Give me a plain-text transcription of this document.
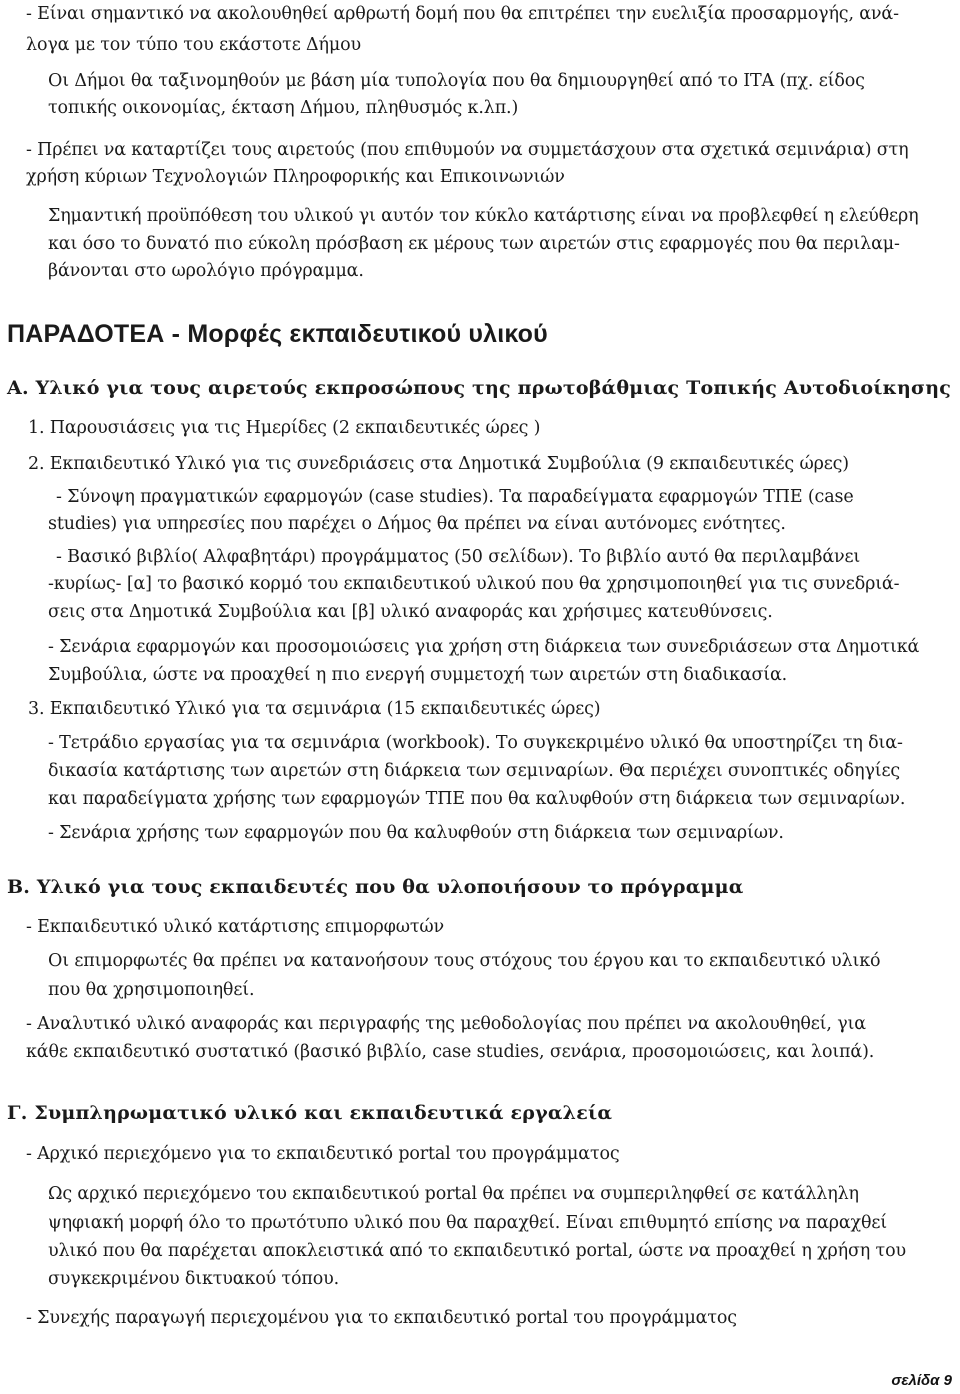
- Είναι σημαντικό να ακολουθηθεί αρθρωτή δομή που θα επιτρέπει την ευελιξία προσαρμογής, ανά-
λογα με τον τύπο του εκάστοτε Δήμου
Οι Δήμοι θα ταξινομηθούν με βάση μία τυπολογία που θα δημιουργηθεί από το ΙΤΑ (πχ. είδος
τοπικής οικονομίας, έκταση Δήμου, πληθυσμός κ.λπ.)
- Πρέπει να καταρτίζει τους αιρετούς (που επιθυμούν να συμμετάσχουν στα σχετικά σεμινάρια) στη
χρήση κύριων Τεχνολογιών Πληροφορικής και Επικοινωνιών
Σημαντική προϋπόθεση του υλικού γι αυτόν τον κύκλο κατάρτισης είναι να προβλεφθεί η ελεύθερη
και όσο το δυνατό πιο εύκολη πρόσβαση εκ μέρους των αιρετών στις εφαρμογές που θα περιλαμ-
βάνονται στο ωρολόγιο πρόγραμμα.
ΠΑΡΑΔΟΤΕΑ - Μορφές εκπαιδευτικού υλικού
Α. Υλικό για τους αιρετούς εκπροσώπους της πρωτοβάθμιας Τοπικής Αυτοδιοίκησης
1. Παρουσιάσεις για τις Ημερίδες (2 εκπαιδευτικές ώρες )
2. Εκπαιδευτικό Υλικό για τις συνεδριάσεις στα Δημοτικά Συμβούλια (9 εκπαιδευτικές ώρες)
- Σύνοψη πραγματικών εφαρμογών (case studies). Τα παραδείγματα εφαρμογών ΤΠΕ (case
studies) για υπηρεσίες που παρέχει ο Δήμος θα πρέπει να είναι αυτόνομες ενότητες.
- Βασικό βιβλίο( Αλφαβητάρι) προγράμματος (50 σελίδων). Το βιβλίο αυτό θα περιλαμβάνει
-κυρίως- [α] το βασικό κορμό του εκπαιδευτικού υλικού που θα χρησιμοποιηθεί για τις συνεδριά-
σεις στα Δημοτικά Συμβούλια και [β] υλικό αναφοράς και χρήσιμες κατευθύνσεις.
- Σενάρια εφαρμογών και προσομοιώσεις για χρήση στη διάρκεια των συνεδριάσεων στα Δημοτικά
Συμβούλια, ώστε να προαχθεί η πιο ενεργή συμμετοχή των αιρετών στη διαδικασία.
3. Εκπαιδευτικό Υλικό για τα σεμινάρια (15 εκπαιδευτικές ώρες)
- Τετράδιο εργασίας για τα σεμινάρια (workbook). Το συγκεκριμένο υλικό θα υποστηρίζει τη δια-
δικασία κατάρτισης των αιρετών στη διάρκεια των σεμιναρίων. Θα περιέχει συνοπτικές οδηγίες
και παραδείγματα χρήσης των εφαρμογών ΤΠΕ που θα καλυφθούν στη διάρκεια των σεμιναρίων.
- Σενάρια χρήσης των εφαρμογών που θα καλυφθούν στη διάρκεια των σεμιναρίων.
Β. Υλικό για τους εκπαιδευτές που θα υλοποιήσουν το πρόγραμμα
- Εκπαιδευτικό υλικό κατάρτισης επιμορφωτών
Οι επιμορφωτές θα πρέπει να κατανοήσουν τους στόχους του έργου και το εκπαιδευτικό υλικό
που θα χρησιμοποιηθεί.
- Αναλυτικό υλικό αναφοράς και περιγραφής της μεθοδολογίας που πρέπει να ακολουθηθεί, για
κάθε εκπαιδευτικό συστατικό (βασικό βιβλίο, case studies, σενάρια, προσομοιώσεις, και λοιπά).
Γ. Συμπληρωματικό υλικό και εκπαιδευτικά εργαλεία
- Αρχικό περιεχόμενο για το εκπαιδευτικό portal του προγράμματος
Ως αρχικό περιεχόμενο του εκπαιδευτικού portal θα πρέπει να συμπεριληφθεί σε κατάλληλη
ψηφιακή μορφή όλο το πρωτότυπο υλικό που θα παραχθεί. Είναι επιθυμητό επίσης να παραχθεί
υλικό που θα παρέχεται αποκλειστικά από το εκπαιδευτικό portal, ώστε να προαχθεί η χρήση του
συγκεκριμένου δικτυακού τόπου.
- Συνεχής παραγωγή περιεχομένου για το εκπαιδευτικό portal του προγράμματος
σελίδα 9
